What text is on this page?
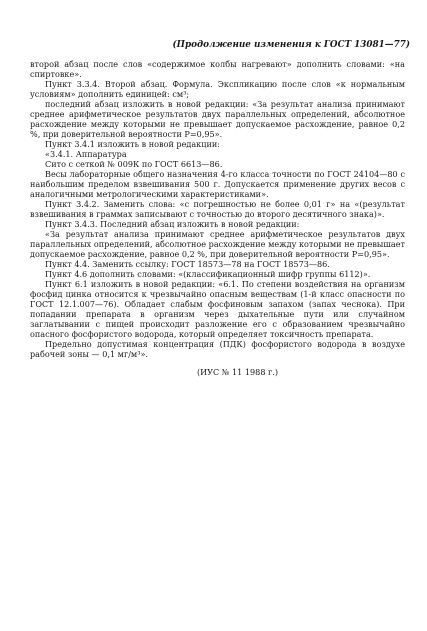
(Продолжение изменения к ГОСТ 13081—77)

второй абзац после слов «содержимое колбы нагревают» дополнить словами: «на спиртовке».

Пункт 3.3.4. Второй абзац. Формула. Экспликацию после слов «к нормальным условиям» дополнить единицей: см³;

последний абзац изложить в новой редакции: «За результат анализа принимают среднее арифметическое результатов двух параллельных определений, абсолютное расхождение между которыми не превышает допускаемое расхождение, равное 0,2 %, при доверительной вероятности P=0,95».

Пункт 3.4.1 изложить в новой редакции:

«3.4.1. Аппаратура

Сито с сеткой № 009К по ГОСТ 6613—86.

Весы лабораторные общего назначения 4-го класса точности по ГОСТ 24104—80 с наибольшим пределом взвешивания 500 г. Допускается применение других весов с аналогичными метрологическими характеристиками».

Пункт 3.4.2. Заменить слова: «с погрешностью не более 0,01 г» на «(результат взвешивания в граммах записывают с точностью до второго десятичного знака)».

Пункт 3.4.3. Последний абзац изложить в новой редакции:

«За результат анализа принимают среднее арифметическое результатов двух параллельных определений, абсолютное расхождение между которыми не превышает допускаемое расхождение, равное 0,2 %, при доверительной вероятности P=0,95».

Пункт 4.4. Заменить ссылку: ГОСТ 18573—78 на ГОСТ 18573—86.

Пункт 4.6 дополнить словами: «(классификационный шифр группы 6112)».

Пункт 6.1 изложить в новой редакции: «6.1. По степени воздействия на организм фосфид цинка относится к чрезвычайно опасным веществам (1-й класс опасности по ГОСТ 12.1.007—76). Обладает слабым фосфиновым запахом (запах чеснока). При попадании препарата в организм через дыхательные пути или случайном заглатывании с пищей происходит разложение его с образованием чрезвычайно опасного фосфористого водорода, который определяет токсичность препарата.

Предельно допустимая концентрация (ПДК) фосфористого водорода в воздухе рабочей зоны — 0,1 мг/м³».

(ИУС № 11 1988 г.)
